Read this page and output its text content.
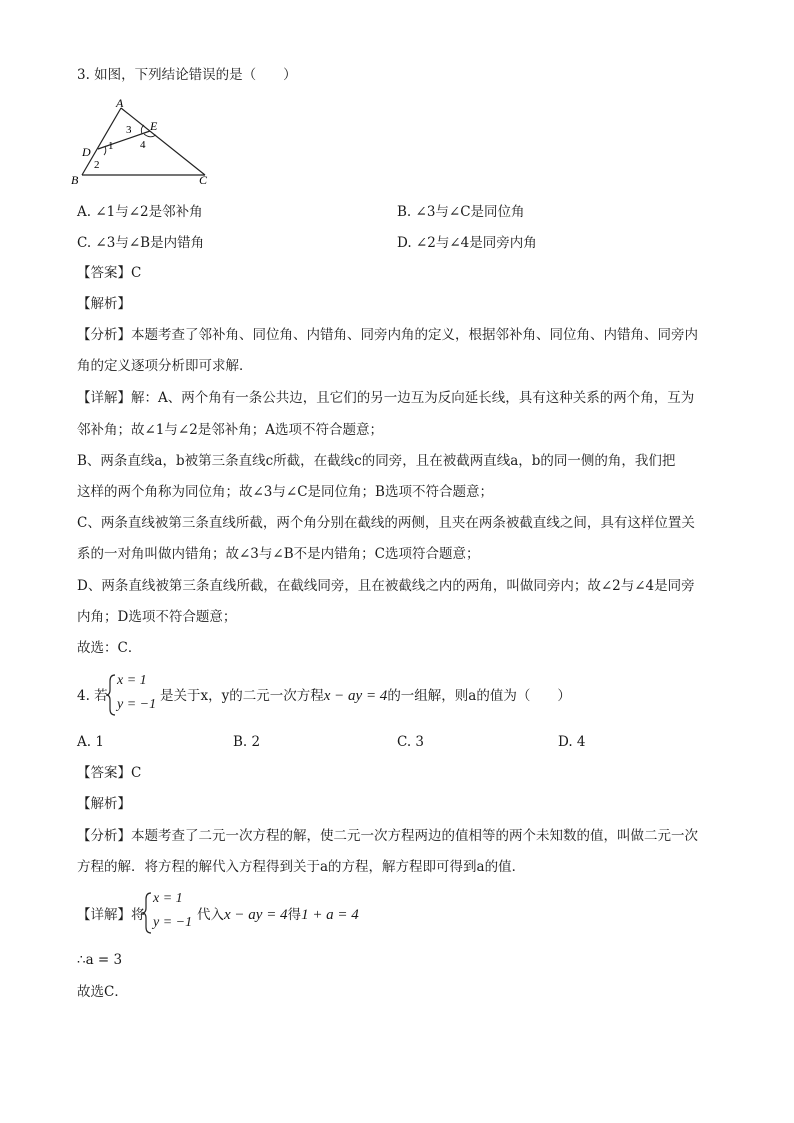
3. 如图，下列结论错误的是（　　）
A
B	C
D
E
1
2
3
4
A. ∠1与∠2是邻补角	B. ∠3与∠C是同位角
C. ∠3与∠B是内错角	D. ∠2与∠4是同旁内角
【答案】C
【解析】
【分析】本题考查了邻补角、同位角、内错角、同旁内角的定义，根据邻补角、同位角、内错角、同旁内
角的定义逐项分析即可求解．
【详解】解：A、两个角有一条公共边，且它们的另一边互为反向延长线，具有这种关系的两个角，互为
邻补角；故∠1与∠2是邻补角；A选项不符合题意；
B、两条直线a，b被第三条直线c所截，在截线c的同旁，且在被截两直线a，b的同一侧的角，我们把
这样的两个角称为同位角；故∠3与∠C是同位角；B选项不符合题意；
C、两条直线被第三条直线所截，两个角分别在截线的两侧，且夹在两条被截直线之间，具有这样位置关
系的一对角叫做内错角；故∠3与∠B不是内错角；C选项符合题意；
D、两条直线被第三条直线所截，在截线同旁，且在被截线之内的两角，叫做同旁内；故∠2与∠4是同旁
内角；D选项不符合题意；
故选：C．
4. 若
x = 1
y = −1
是关于x，y的二元一次方程x − ay = 4的一组解，则a的值为（　　）
A. 1	B. 2	C. 3	D. 4
【答案】C
【解析】
【分析】本题考查了二元一次方程的解，使二元一次方程两边的值相等的两个未知数的值，叫做二元一次
方程的解．将方程的解代入方程得到关于a的方程，解方程即可得到a的值．
【详解】将
x = 1
y = −1 代入x − ay = 4得1 + a = 4
∴a = 3
故选C．
